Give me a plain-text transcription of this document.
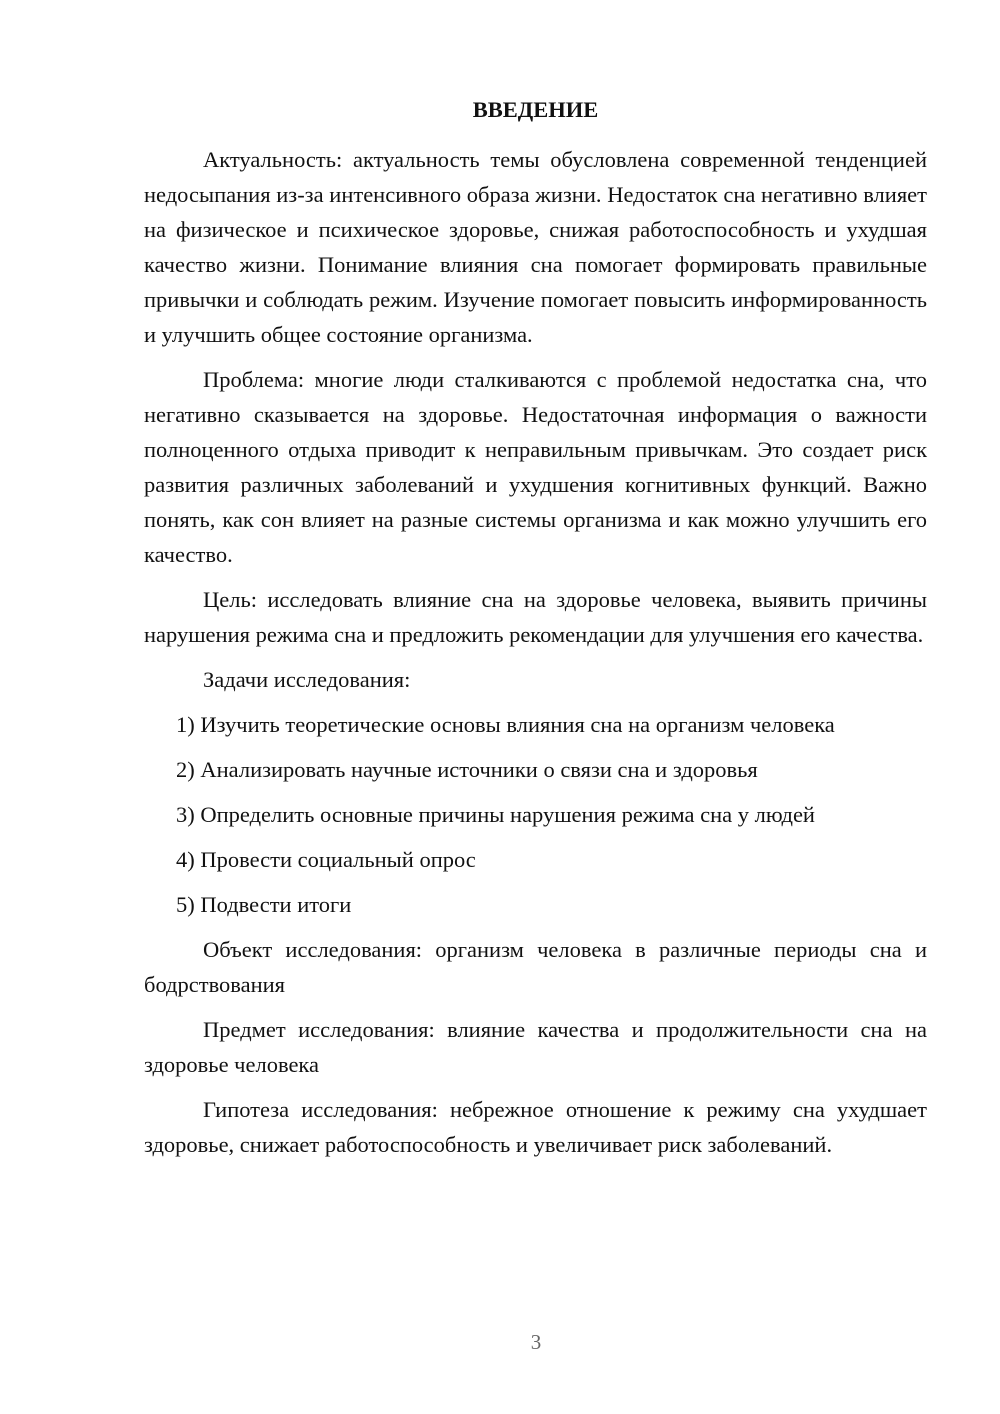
ВВЕДЕНИЕ

Актуальность: актуальность темы обусловлена современной тенденцией недосыпания из-за интенсивного образа жизни. Недостаток сна негативно влияет на физическое и психическое здоровье, снижая работоспособность и ухудшая качество жизни. Понимание влияния сна помогает формировать правильные привычки и соблюдать режим. Изучение помогает повысить информированность и улучшить общее состояние организма.

Проблема: многие люди сталкиваются с проблемой недостатка сна, что негативно сказывается на здоровье. Недостаточная информация о важности полноценного отдыха приводит к неправильным привычкам. Это создает риск развития различных заболеваний и ухудшения когнитивных функций. Важно понять, как сон влияет на разные системы организма и как можно улучшить его качество.

Цель: исследовать влияние сна на здоровье человека, выявить причины нарушения режима сна и предложить рекомендации для улучшения его качества.

Задачи исследования:

1) Изучить теоретические основы влияния сна на организм человека
2) Анализировать научные источники о связи сна и здоровья
3) Определить основные причины нарушения режима сна у людей
4) Провести социальный опрос
5) Подвести итоги

Объект исследования: организм человека в различные периоды сна и бодрствования

Предмет исследования: влияние качества и продолжительности сна на здоровье человека

Гипотеза исследования: небрежное отношение к режиму сна ухудшает здоровье, снижает работоспособность и увеличивает риск заболеваний.

3
